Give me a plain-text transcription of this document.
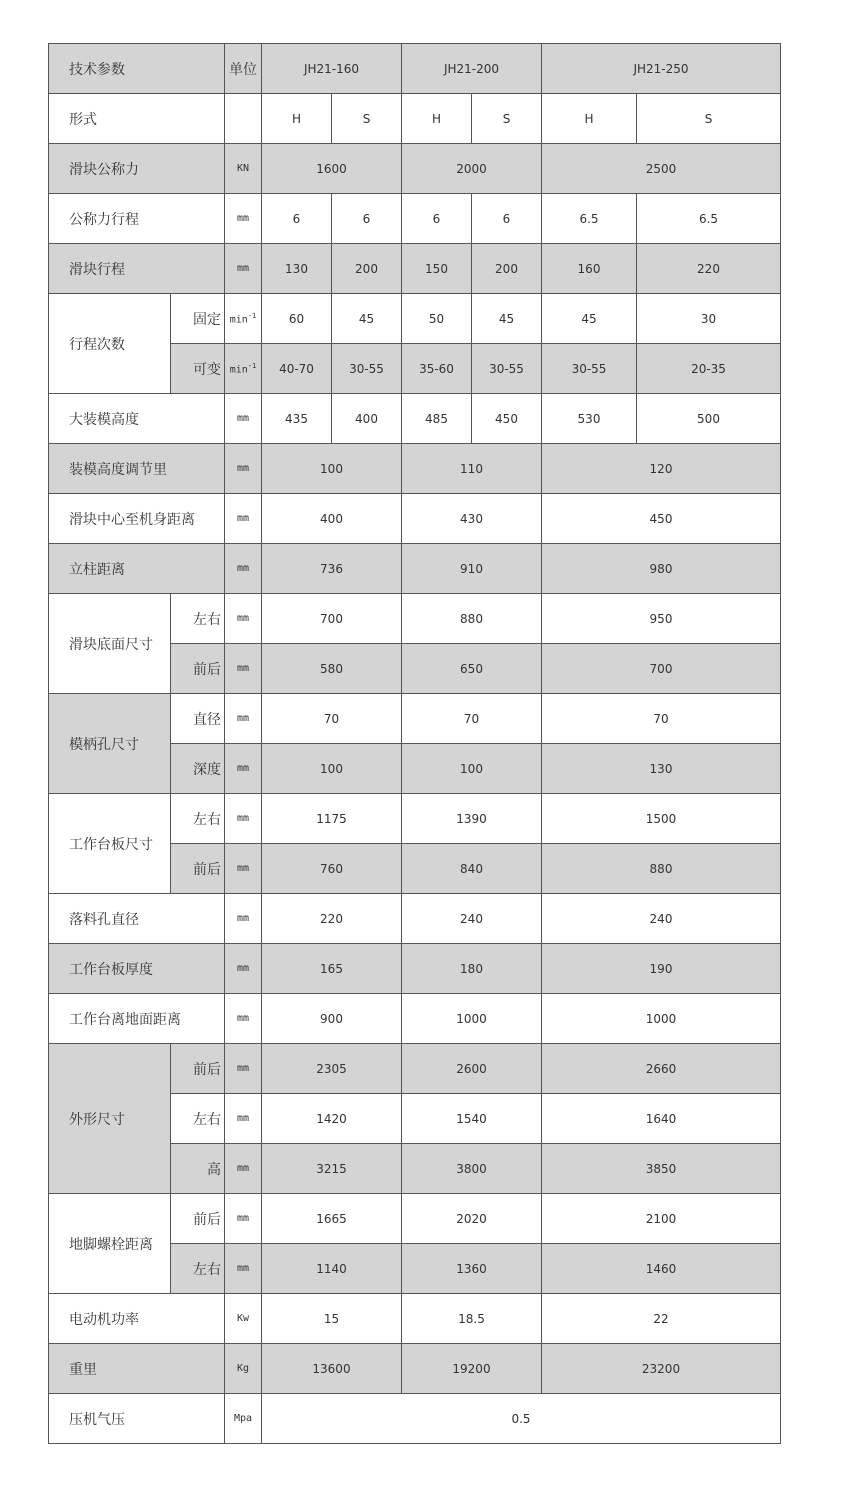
技术参数		单位	JH21-160		JH21-200		JH21-250	
形式			H	S	H	S	H	S
滑块公称力		KN	1600		2000		2500	
公称力行程		mm	6	6	6	6	6.5	6.5
滑块行程		mm	130	200	150	200	160	220
行程次数	固定	$\min^{-1}$	60	45	50	45	45	30
	可变	$\min^{-1}$	40-70	30-55	35-60	30-55	30-55	20-35
大装模高度		mm	435	400	485	450	530	500
装模高度调节里		mm	100		110		120	
滑块中心至机身距离		mm	400		430		450	
立柱距离		mm	736		910		980	
滑块底面尺寸	左右	mm	700		880		950	
	前后	mm	580		650		700	
模柄孔尺寸	直径	mm	70		70		70	
	深度	mm	100		100		130	
工作台板尺寸	左右	mm	1175		1390		1500	
	前后	mm	760		840		880	
落料孔直径		mm	220		240		240	
工作台板厚度		mm	165		180		190	
工作台离地面距离		mm	900		1000		1000	
外形尺寸	前后	mm	2305		2600		2660	
	左右	mm	1420		1540		1640	
	高	mm	3215		3800		3850	
地脚螺栓距离	前后	mm	1665		2020		2100	
	左右	mm	1140		1360		1460	
电动机功率		Kw	15		18.5		22	
重里		Kg	13600		19200		23200	
压机气压		Mpa	0.5					
